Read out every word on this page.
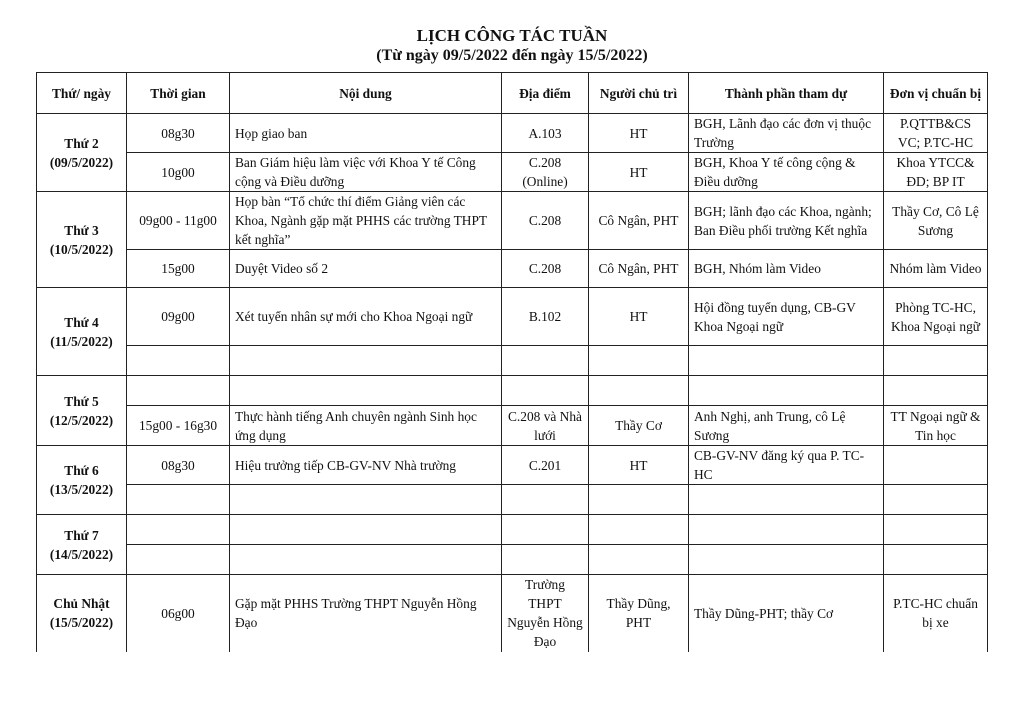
LỊCH CÔNG TÁC TUẦN
(Từ ngày 09/5/2022 đến ngày 15/5/2022)
Thứ/ ngày	Thời gian	Nội dung	Địa điểm	Người chủ trì	Thành phần tham dự	Đơn vị chuẩn bị

Thứ 2
(09/5/2022)	08g30	Họp giao ban	A.103	HT	BGH, Lãnh đạo các đơn vị thuộc Trường	P.QTTB&CS VC; P.TC-HC
	10g00	Ban Giám hiệu làm việc với Khoa Y tế Công cộng và Điều dưỡng	C.208 (Online)	HT	BGH, Khoa Y tế công cộng & Điều dưỡng	Khoa YTCC& ĐD; BP IT

Thứ 3
(10/5/2022)	09g00 - 11g00	Họp bàn “Tổ chức thí điểm Giảng viên các Khoa, Ngành gặp mặt PHHS các trường THPT kết nghĩa”	C.208	Cô Ngân, PHT	BGH; lãnh đạo các Khoa, ngành; Ban Điều phối trường Kết nghĩa	Thầy Cơ, Cô Lệ Sương
	15g00	Duyệt Video số 2	C.208	Cô Ngân, PHT	BGH, Nhóm làm Video	Nhóm làm Video

Thứ 4
(11/5/2022)	09g00	Xét tuyển nhân sự mới cho Khoa Ngoại ngữ	B.102	HT	Hội đồng tuyển dụng, CB-GV Khoa Ngoại ngữ	Phòng TC-HC, Khoa Ngoại ngữ

Thứ 5
(12/5/2022)						

	15g00 - 16g30	Thực hành tiếng Anh chuyên ngành Sinh học ứng dụng	C.208 và Nhà lưới	Thầy Cơ	Anh Nghị, anh Trung, cô Lệ Sương	TT Ngoại ngữ & Tin học

Thứ 6
(13/5/2022)	08g30	Hiệu trưởng tiếp CB-GV-NV Nhà trường	C.201	HT	CB-GV-NV đăng ký qua P. TC-HC	

Thứ 7
(14/5/2022)						

Chủ Nhật
(15/5/2022)	06g00	Gặp mặt PHHS Trường THPT Nguyễn Hồng Đạo	Trường THPT Nguyễn Hồng Đạo	Thầy Dũng, PHT	Thầy Dũng-PHT; thầy Cơ	P.TC-HC chuẩn bị xe
